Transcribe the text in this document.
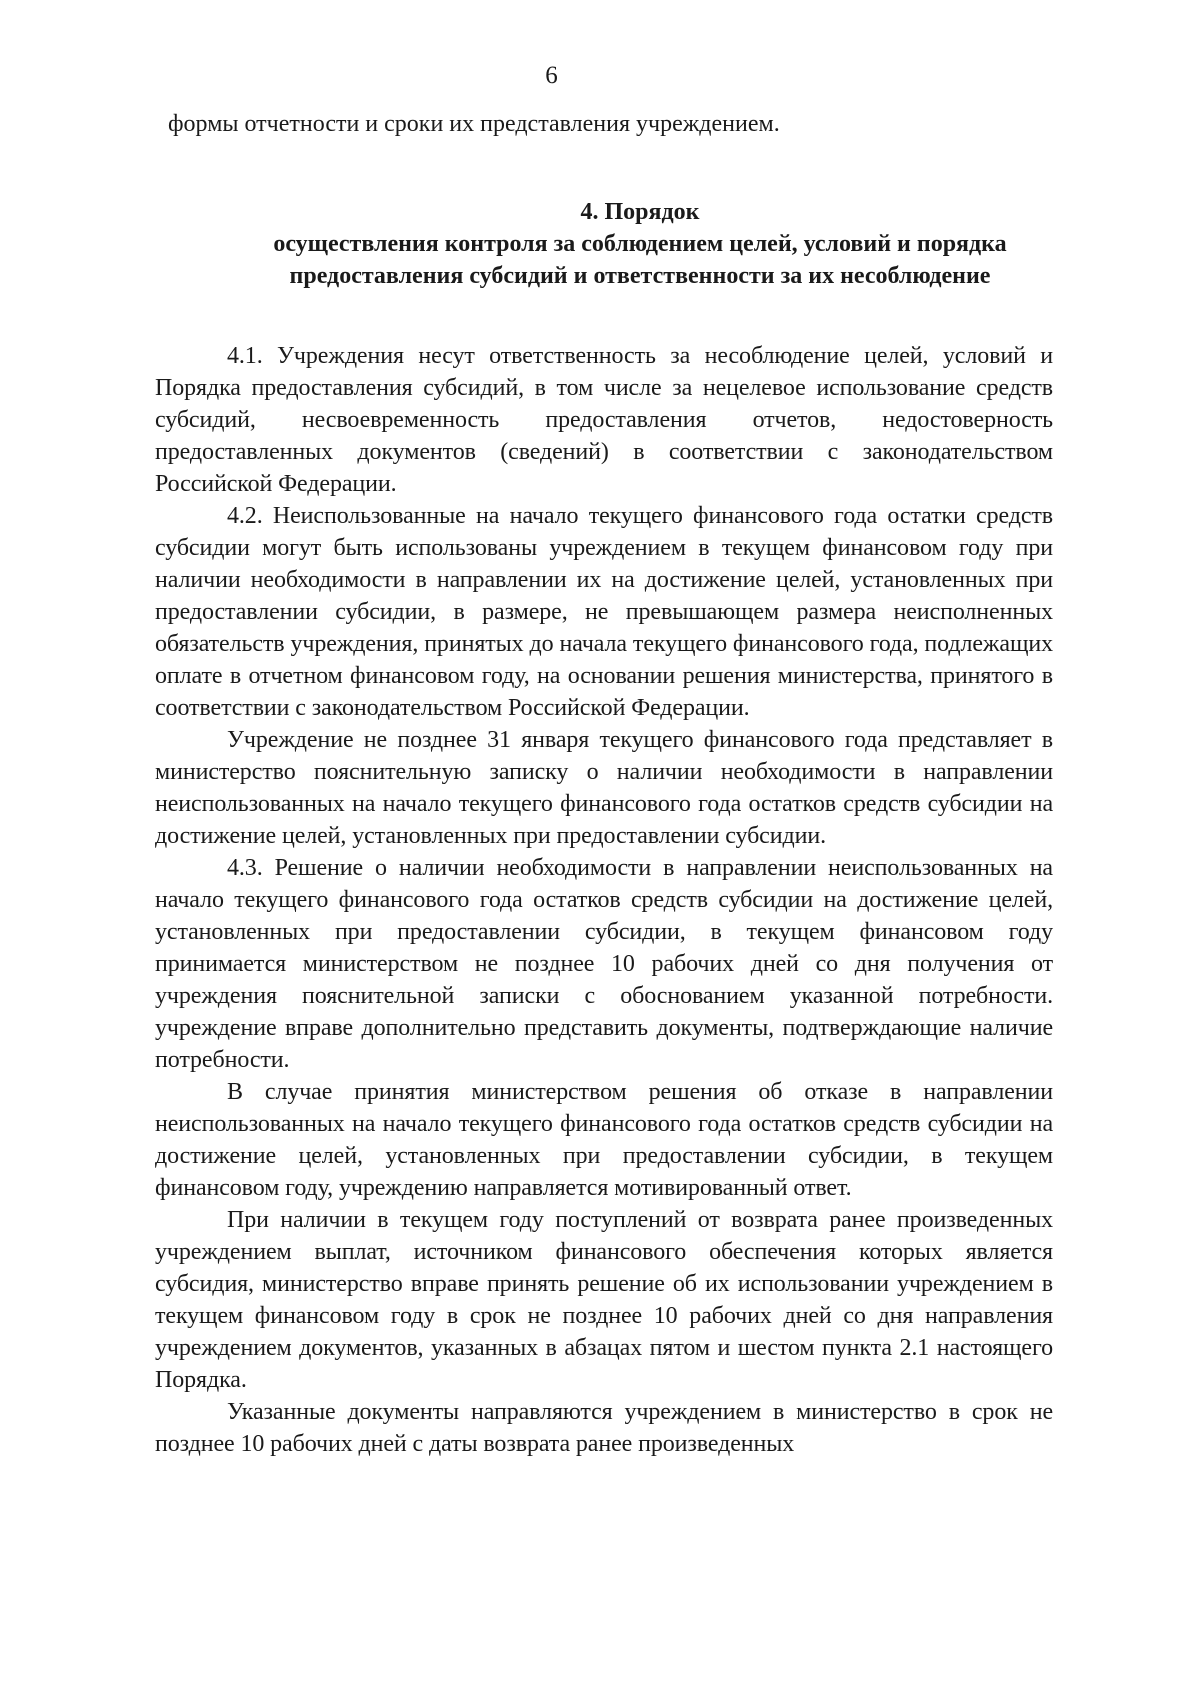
6
формы отчетности и сроки их представления учреждением.
4. Порядок
осуществления контроля за соблюдением целей, условий и порядка
предоставления субсидий и ответственности за их несоблюдение

4.1. Учреждения несут ответственность за несоблюдение целей, условий и Порядка предоставления субсидий, в том числе за нецелевое использование средств субсидий, несвоевременность предоставления отчетов, недостоверность предоставленных документов (сведений) в соответствии с законодательством Российской Федерации.

4.2. Неиспользованные на начало текущего финансового года остатки средств субсидии могут быть использованы учреждением в текущем финансовом году при наличии необходимости в направлении их на достижение целей, установленных при предоставлении субсидии, в размере, не превышающем размера неисполненных обязательств учреждения, принятых до начала текущего финансового года, подлежащих оплате в отчетном финансовом году, на основании решения министерства, принятого в соответствии с законодательством Российской Федерации.

Учреждение не позднее 31 января текущего финансового года представляет в министерство пояснительную записку о наличии необходимости в направлении неиспользованных на начало текущего финансового года остатков средств субсидии на достижение целей, установленных при предоставлении субсидии.

4.3. Решение о наличии необходимости в направлении неиспользованных на начало текущего финансового года остатков средств субсидии на достижение целей, установленных при предоставлении субсидии, в текущем финансовом году принимается министерством не позднее 10 рабочих дней со дня получения от учреждения пояснительной записки с обоснованием указанной потребности. учреждение вправе дополнительно представить документы, подтверждающие наличие потребности.

В случае принятия министерством решения об отказе в направлении неиспользованных на начало текущего финансового года остатков средств субсидии на достижение целей, установленных при предоставлении субсидии, в текущем финансовом году, учреждению направляется мотивированный ответ.

При наличии в текущем году поступлений от возврата ранее произведенных учреждением выплат, источником финансового обеспечения которых является субсидия, министерство вправе принять решение об их использовании учреждением в текущем финансовом году в срок не позднее 10 рабочих дней со дня направления учреждением документов, указанных в абзацах пятом и шестом пункта 2.1 настоящего Порядка.

Указанные документы направляются учреждением в министерство в срок не позднее 10 рабочих дней с даты возврата ранее произведенных
